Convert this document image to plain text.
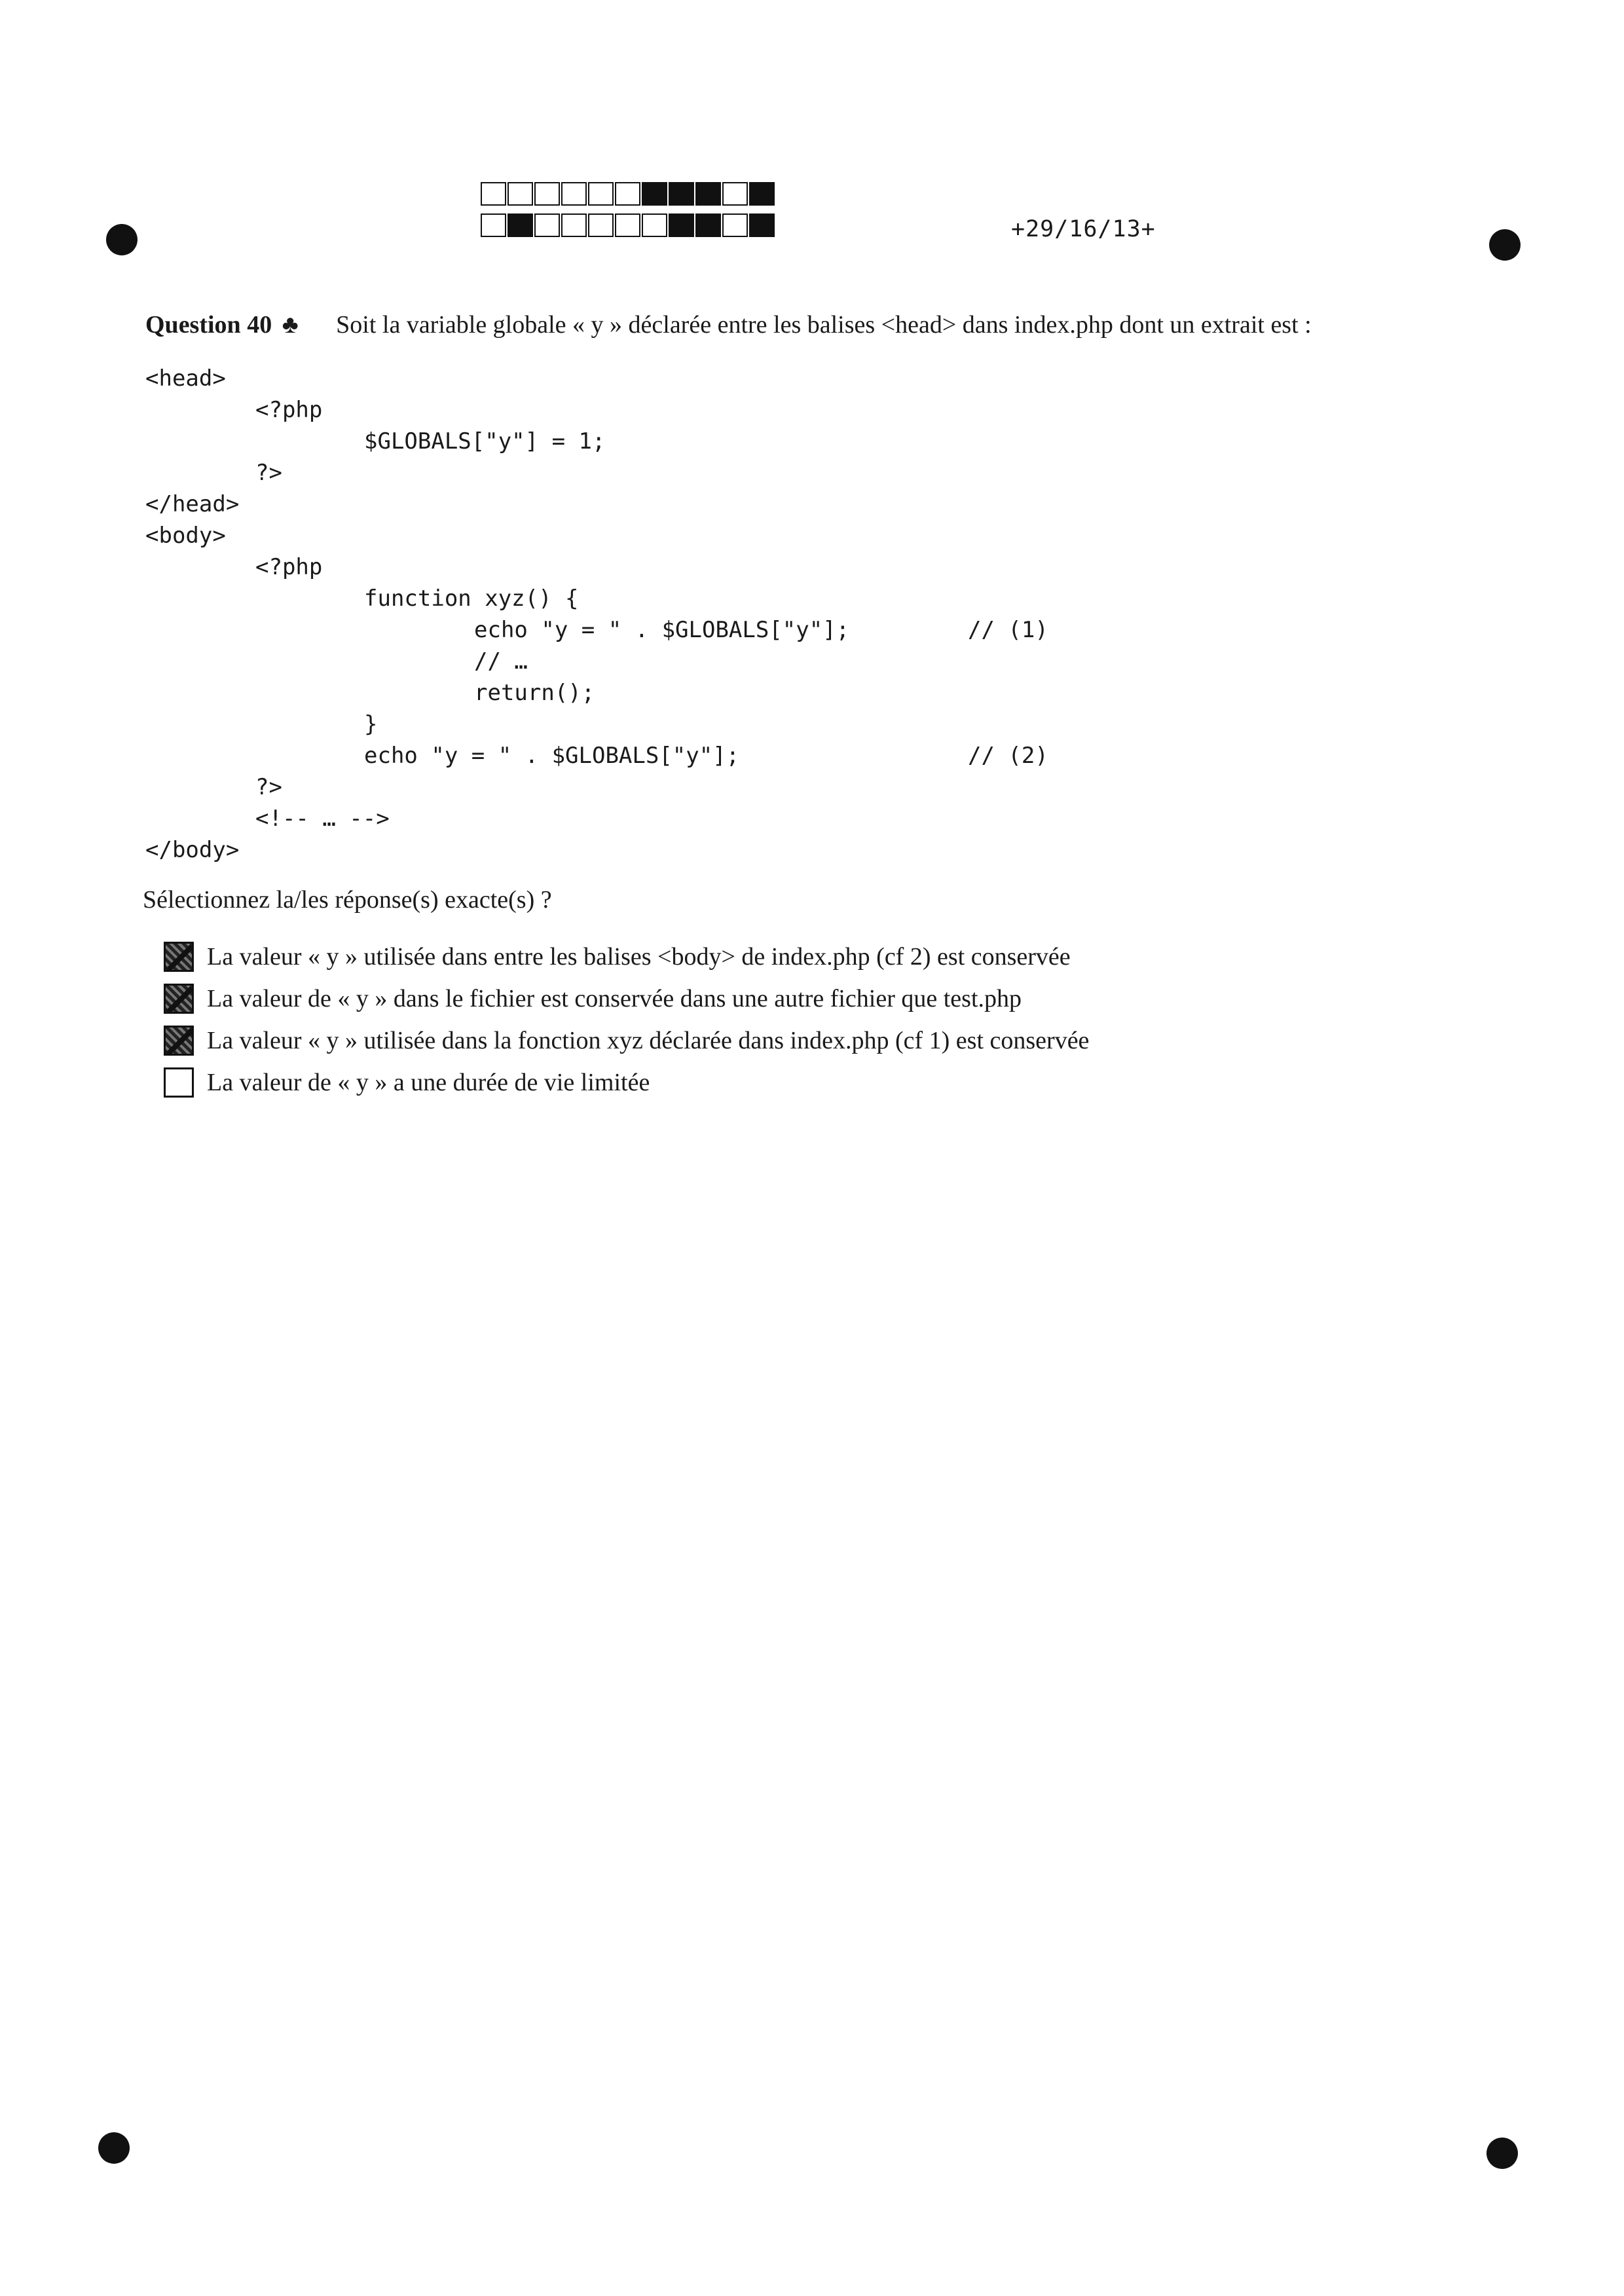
+29/16/13+
Question 40 ♣ Soit la variable globale « y » déclarée entre les balises <head> dans index.php dont un extrait est :
<head>
<?php
$GLOBALS["y"] = 1;
?>
</head>
<body>
<?php
function xyz() {
echo "y = " . $GLOBALS["y"];	// (1)
// …
return();
}
echo "y = " . $GLOBALS["y"];	// (2)
?>
<!-- … -->
</body>
Sélectionnez la/les réponse(s) exacte(s) ?
La valeur « y » utilisée dans entre les balises <body> de index.php (cf 2) est conservée
La valeur de « y » dans le fichier est conservée dans une autre fichier que test.php
La valeur « y » utilisée dans la fonction xyz déclarée dans index.php (cf 1) est conservée
La valeur de « y » a une durée de vie limitée
